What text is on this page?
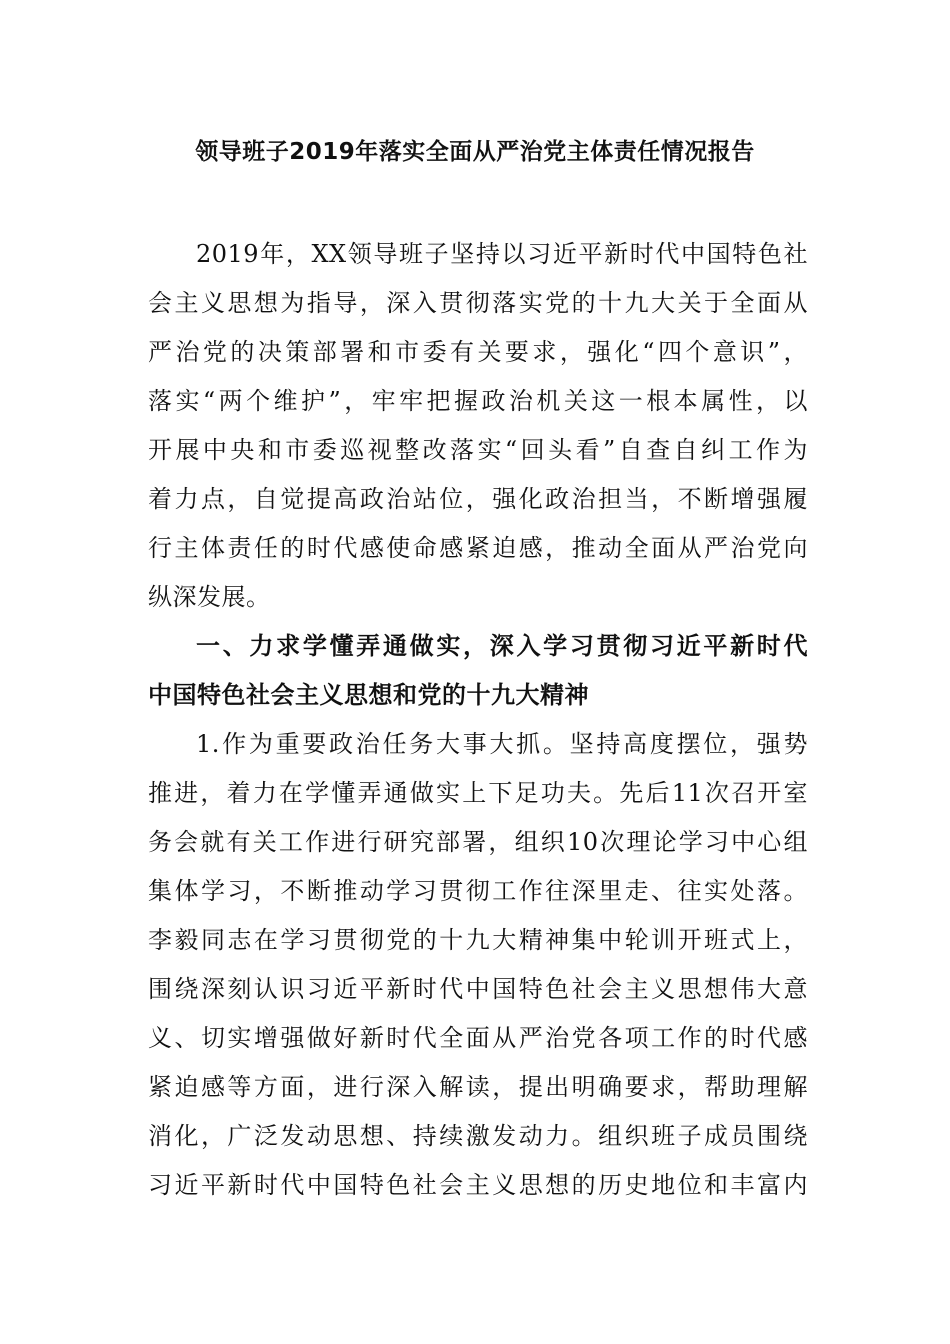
领导班子2019年落实全面从严治党主体责任情况报告
2019年，XX领导班子坚持以习近平新时代中国特色社
会主义思想为指导，深入贯彻落实党的十九大关于全面从
严治党的决策部署和市委有关要求，强化“四个意识”，
落实“两个维护”，牢牢把握政治机关这一根本属性，以
开展中央和市委巡视整改落实“回头看”自查自纠工作为
着力点，自觉提高政治站位，强化政治担当，不断增强履
行主体责任的时代感使命感紧迫感，推动全面从严治党向
纵深发展。
一、力求学懂弄通做实，深入学习贯彻习近平新时代
中国特色社会主义思想和党的十九大精神
1.作为重要政治任务大事大抓。坚持高度摆位，强势
推进，着力在学懂弄通做实上下足功夫。先后11次召开室
务会就有关工作进行研究部署，组织10次理论学习中心组
集体学习，不断推动学习贯彻工作往深里走、往实处落。
李毅同志在学习贯彻党的十九大精神集中轮训开班式上，
围绕深刻认识习近平新时代中国特色社会主义思想伟大意
义、切实增强做好新时代全面从严治党各项工作的时代感
紧迫感等方面，进行深入解读，提出明确要求，帮助理解
消化，广泛发动思想、持续激发动力。组织班子成员围绕
习近平新时代中国特色社会主义思想的历史地位和丰富内
